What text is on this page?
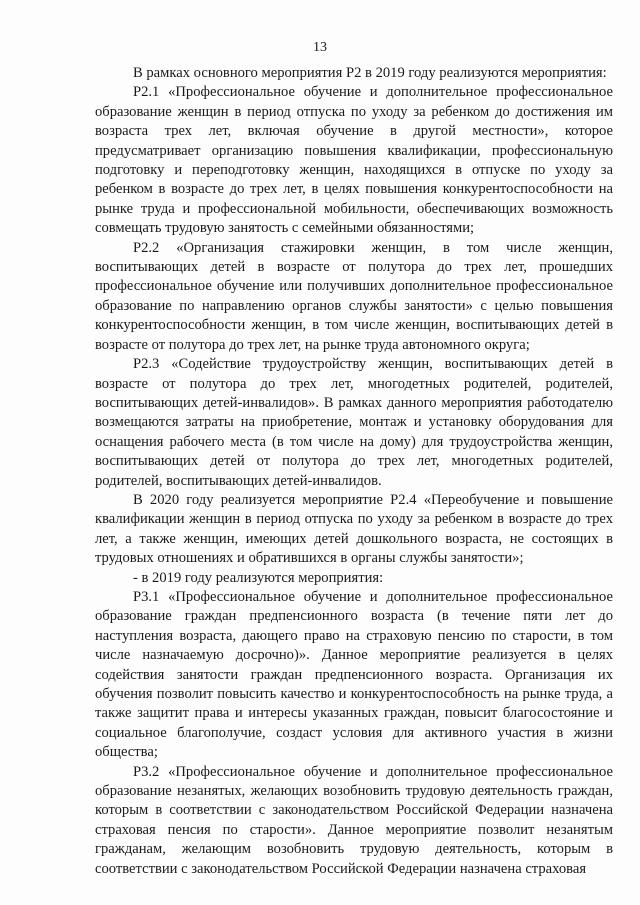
13

В рамках основного мероприятия Р2 в 2019 году реализуются мероприятия:

Р2.1 «Профессиональное обучение и дополнительное профессиональное образование женщин в период отпуска по уходу за ребенком до достижения им возраста трех лет, включая обучение в другой местности», которое предусматривает организацию повышения квалификации, профессиональную подготовку и переподготовку женщин, находящихся в отпуске по уходу за ребенком в возрасте до трех лет, в целях повышения конкурентоспособности на рынке труда и профессиональной мобильности, обеспечивающих возможность совмещать трудовую занятость с семейными обязанностями;

Р2.2 «Организация стажировки женщин, в том числе женщин, воспитывающих детей в возрасте от полутора до трех лет, прошедших профессиональное обучение или получивших дополнительное профессиональное образование по направлению органов службы занятости» с целью повышения конкурентоспособности женщин, в том числе женщин, воспитывающих детей в возрасте от полутора до трех лет, на рынке труда автономного округа;

Р2.3 «Содействие трудоустройству женщин, воспитывающих детей в возрасте от полутора до трех лет, многодетных родителей, родителей, воспитывающих детей-инвалидов». В рамках данного мероприятия работодателю возмещаются затраты на приобретение, монтаж и установку оборудования для оснащения рабочего места (в том числе на дому) для трудоустройства женщин, воспитывающих детей от полутора до трех лет, многодетных родителей, родителей, воспитывающих детей-инвалидов.

В 2020 году реализуется мероприятие Р2.4 «Переобучение и повышение квалификации женщин в период отпуска по уходу за ребенком в возрасте до трех лет, а также женщин, имеющих детей дошкольного возраста, не состоящих в трудовых отношениях и обратившихся в органы службы занятости»;

- в 2019 году реализуются мероприятия:

Р3.1 «Профессиональное обучение и дополнительное профессиональное образование граждан предпенсионного возраста (в течение пяти лет до наступления возраста, дающего право на страховую пенсию по старости, в том числе назначаемую досрочно)». Данное мероприятие реализуется в целях содействия занятости граждан предпенсионного возраста. Организация их обучения позволит повысить качество и конкурентоспособность на рынке труда, а также защитит права и интересы указанных граждан, повысит благосостояние и социальное благополучие, создаст условия для активного участия в жизни общества;

Р3.2 «Профессиональное обучение и дополнительное профессиональное образование незанятых, желающих возобновить трудовую деятельность граждан, которым в соответствии с законодательством Российской Федерации назначена страховая пенсия по старости». Данное мероприятие позволит незанятым гражданам, желающим возобновить трудовую деятельность, которым в соответствии с законодательством Российской Федерации назначена страховая
